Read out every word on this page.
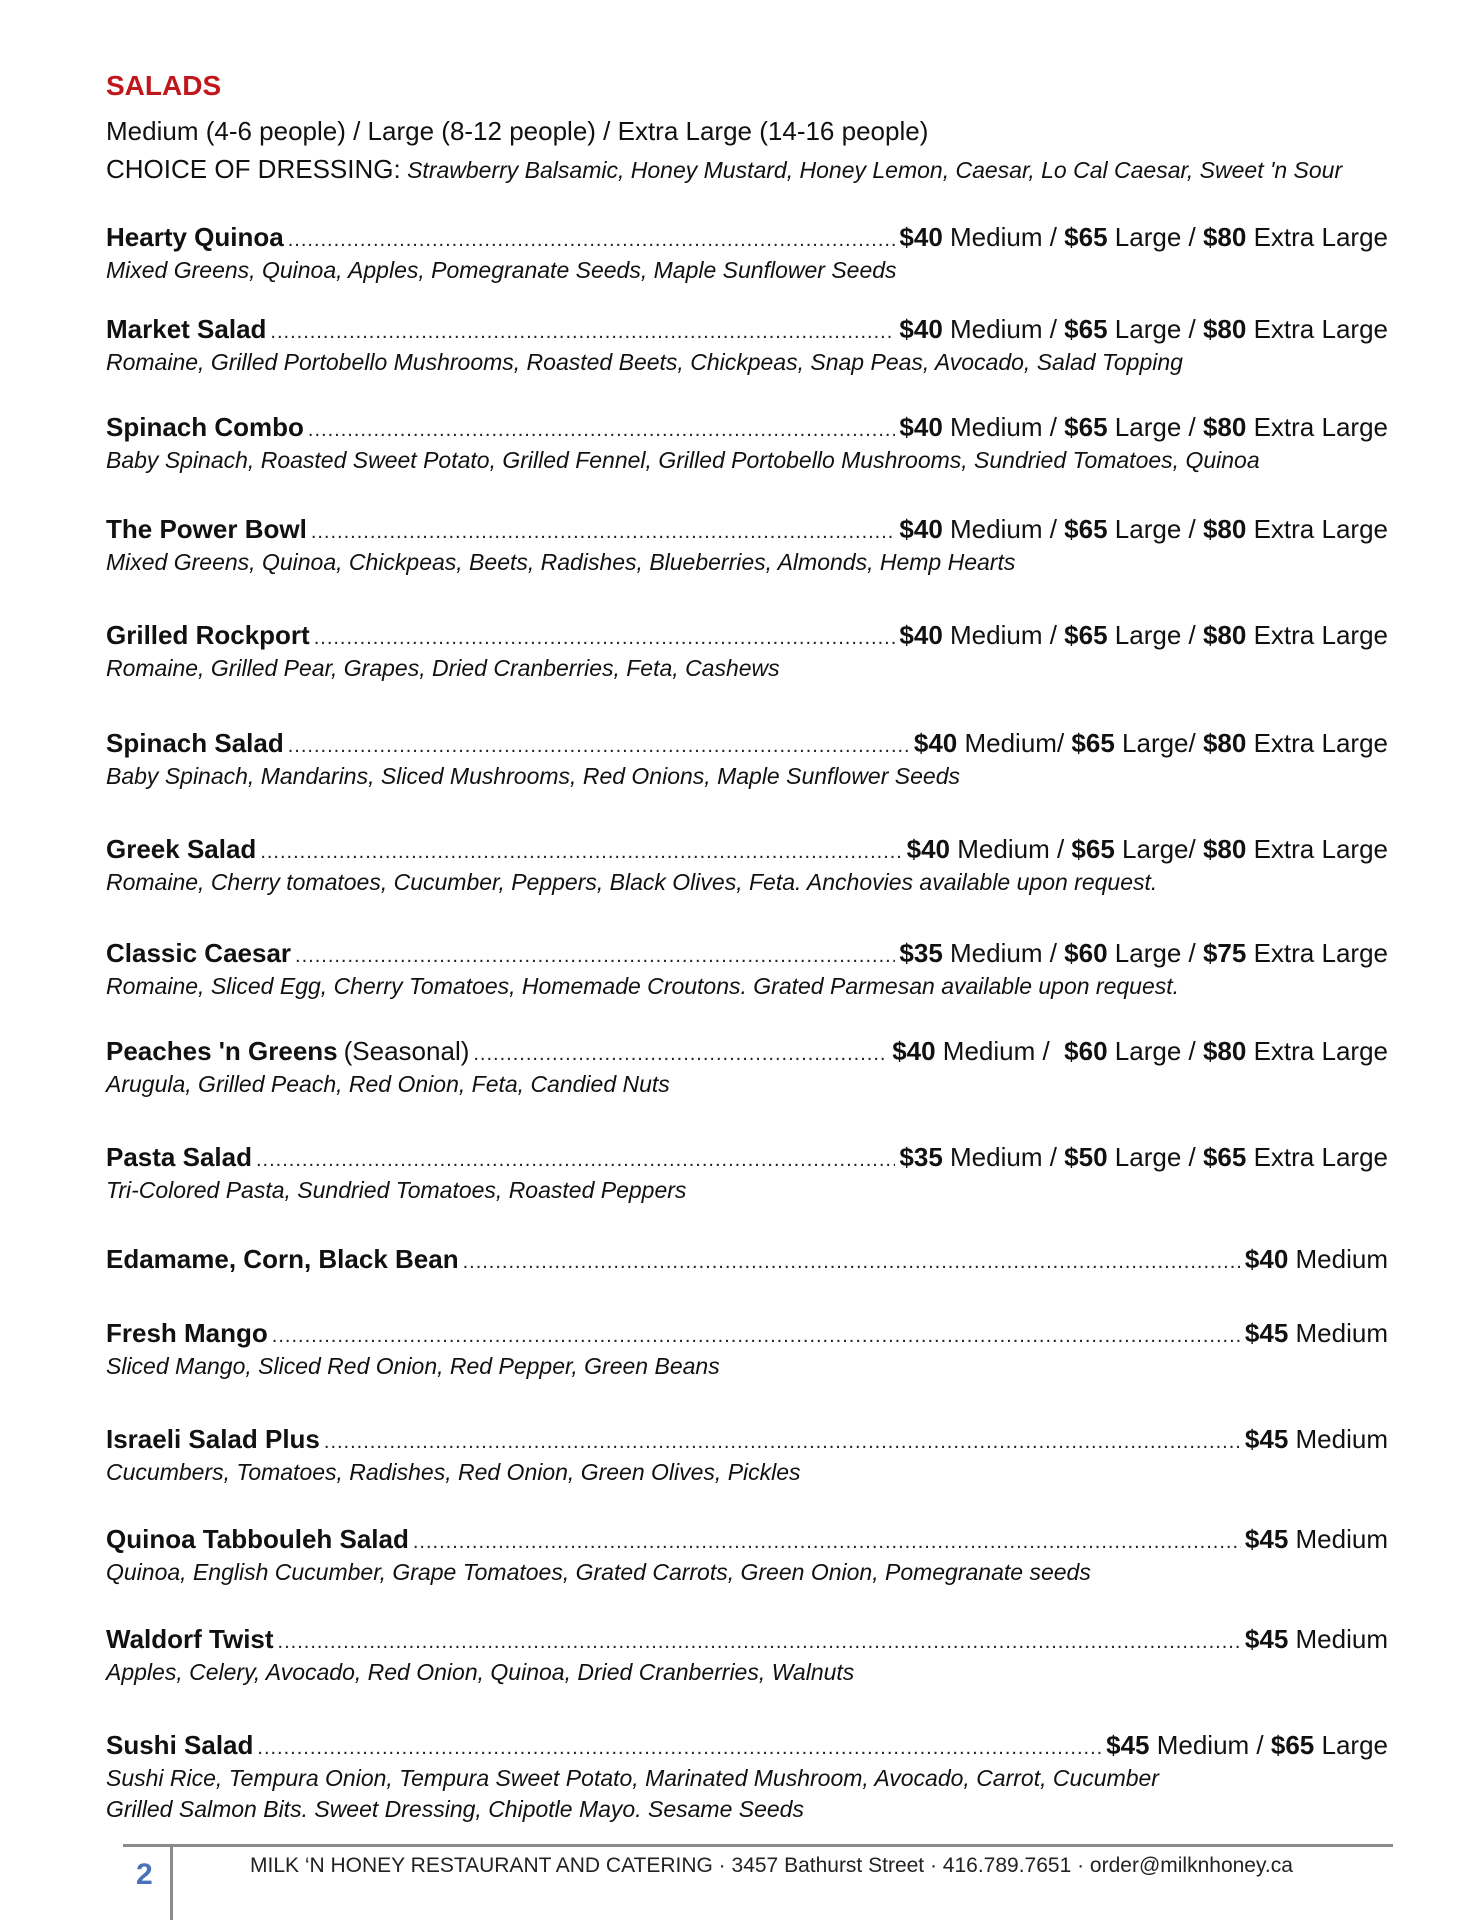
SALADS
Medium (4-6 people) / Large (8-12 people) / Extra Large (14-16 people)
CHOICE OF DRESSING: Strawberry Balsamic, Honey Mustard, Honey Lemon, Caesar, Lo Cal Caesar, Sweet 'n Sour
Hearty Quinoa .....	$40 Medium / $65 Large / $80 Extra Large
Mixed Greens, Quinoa, Apples, Pomegranate Seeds, Maple Sunflower Seeds
Market Salad .....	$40 Medium / $65 Large / $80 Extra Large
Romaine, Grilled Portobello Mushrooms, Roasted Beets, Chickpeas, Snap Peas, Avocado, Salad Topping
Spinach Combo .....	$40 Medium / $65 Large / $80 Extra Large
Baby Spinach, Roasted Sweet Potato, Grilled Fennel, Grilled Portobello Mushrooms, Sundried Tomatoes, Quinoa
The Power Bowl .....	$40 Medium / $65 Large / $80 Extra Large
Mixed Greens, Quinoa, Chickpeas, Beets, Radishes, Blueberries, Almonds, Hemp Hearts
Grilled Rockport .....	$40 Medium / $65 Large / $80 Extra Large
Romaine, Grilled Pear, Grapes, Dried Cranberries, Feta, Cashews
Spinach Salad .....	$40 Medium/ $65 Large/ $80 Extra Large
Baby Spinach, Mandarins, Sliced Mushrooms, Red Onions, Maple Sunflower Seeds
Greek Salad .....	$40 Medium / $65 Large/ $80 Extra Large
Romaine, Cherry tomatoes, Cucumber, Peppers, Black Olives, Feta. Anchovies available upon request.
Classic Caesar .....	$35 Medium / $60 Large / $75 Extra Large
Romaine, Sliced Egg, Cherry Tomatoes, Homemade Croutons. Grated Parmesan available upon request.
Peaches 'n Greens (Seasonal) .....	$40 Medium /  $60 Large / $80 Extra Large
Arugula, Grilled Peach, Red Onion, Feta, Candied Nuts
Pasta Salad .....	$35 Medium / $50 Large / $65 Extra Large
Tri-Colored Pasta, Sundried Tomatoes, Roasted Peppers
Edamame, Corn, Black Bean .....	$40 Medium
Fresh Mango .....	$45 Medium
Sliced Mango, Sliced Red Onion, Red Pepper, Green Beans
Israeli Salad Plus .....	$45 Medium
Cucumbers, Tomatoes, Radishes, Red Onion, Green Olives, Pickles
Quinoa Tabbouleh Salad .....	$45 Medium
Quinoa, English Cucumber, Grape Tomatoes, Grated Carrots, Green Onion, Pomegranate seeds
Waldorf Twist .....	$45 Medium
Apples, Celery, Avocado, Red Onion, Quinoa, Dried Cranberries, Walnuts
Sushi Salad .....	$45 Medium / $65 Large
Sushi Rice, Tempura Onion, Tempura Sweet Potato, Marinated Mushroom, Avocado, Carrot, Cucumber
Grilled Salmon Bits. Sweet Dressing, Chipotle Mayo. Sesame Seeds
2	MILK ‘N HONEY RESTAURANT AND CATERING · 3457 Bathurst Street · 416.789.7651 · order@milknhoney.ca
